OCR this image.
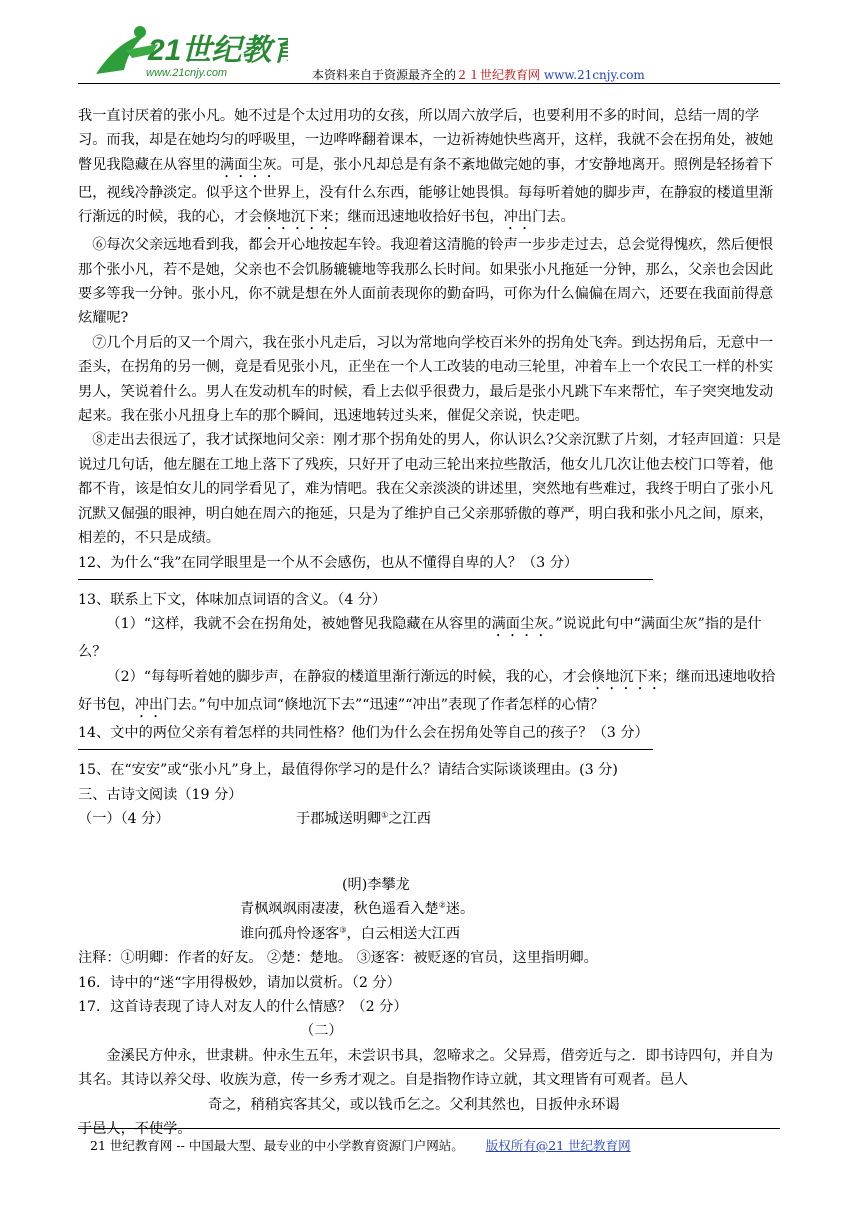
21世纪教育
www.21cnjy.com	本资料来自于资源最齐全的２１世纪教育网 www.21cnjy.com

我一直讨厌着的张小凡。她不过是个太过用功的女孩，所以周六放学后，也要利用不多的时间，总结一周的学习。而我，却是在她均匀的呼吸里，一边哗哗翻着课本，一边祈祷她快些离开，这样，我就不会在拐角处，被她瞥见我隐藏在从容里的满面尘灰。可是，张小凡却总是有条不紊地做完她的事，才安静地离开。照例是轻扬着下巴，视线冷静淡定。似乎这个世界上，没有什么东西，能够让她畏惧。每每听着她的脚步声，在静寂的楼道里渐行渐远的时候，我的心，才会倏地沉下来；继而迅速地收拾好书包，冲出门去。

⑥每次父亲远地看到我，都会开心地按起车铃。我迎着这清脆的铃声一步步走过去，总会觉得愧疚，然后便恨那个张小凡，若不是她，父亲也不会饥肠辘辘地等我那么长时间。如果张小凡拖延一分钟，那么，父亲也会因此要多等我一分钟。张小凡，你不就是想在外人面前表现你的勤奋吗，可你为什么偏偏在周六，还要在我面前得意炫耀呢?

⑦几个月后的又一个周六，我在张小凡走后，习以为常地向学校百米外的拐角处飞奔。到达拐角后，无意中一歪头，在拐角的另一侧，竟是看见张小凡，正坐在一个人工改装的电动三轮里，冲着车上一个农民工一样的朴实男人，笑说着什么。男人在发动机车的时候，看上去似乎很费力，最后是张小凡跳下车来帮忙，车子突突地发动起来。我在张小凡扭身上车的那个瞬间，迅速地转过头来，催促父亲说，快走吧。

⑧走出去很远了，我才试探地问父亲：刚才那个拐角处的男人，你认识么?父亲沉默了片刻，才轻声回道：只是说过几句话，他左腿在工地上落下了残疾，只好开了电动三轮出来拉些散活，他女儿几次让他去校门口等着，他都不肯，该是怕女儿的同学看见了，难为情吧。我在父亲淡淡的讲述里，突然地有些难过，我终于明白了张小凡沉默又倔强的眼神，明白她在周六的拖延，只是为了维护自己父亲那骄傲的尊严，明白我和张小凡之间，原来，相差的，不只是成绩。

12、为什么“我”在同学眼里是一个从不会感伤，也从不懂得自卑的人？（3 分）

13、联系上下文，体味加点词语的含义。（4 分）

（1）“这样，我就不会在拐角处，被她瞥见我隐藏在从容里的满面尘灰。”说说此句中“满面尘灰”指的是什么？

（2）“每每听着她的脚步声，在静寂的楼道里渐行渐远的时候，我的心，才会倏地沉下来；继而迅速地收拾好书包，冲出门去。”句中加点词“倏地沉下去”“迅速”“冲出”表现了作者怎样的心情？

14、文中的两位父亲有着怎样的共同性格？他们为什么会在拐角处等自己的孩子？（3 分）

15、在“安安”或“张小凡”身上，最值得你学习的是什么？请结合实际谈谈理由。(3 分)

三、古诗文阅读（19 分）

（一）（4 分）	于郡城送明卿①之江西

(明)李攀龙

青枫飒飒雨凄凄，秋色遥看入楚②迷。

谁向孤舟怜逐客③，白云相送大江西

注释：①明卿：作者的好友。 ②楚：楚地。 ③逐客：被贬逐的官员，这里指明卿。

16．诗中的“迷“字用得极妙，请加以赏析。（2 分）

17．这首诗表现了诗人对友人的什么情感？（2 分）

（二）

金溪民方仲永，世隶耕。仲永生五年，未尝识书具，忽啼求之。父异焉，借旁近与之．即书诗四句，并自为其名。其诗以养父母、收族为意，传一乡秀才观之。自是指物作诗立就，其文理皆有可观者。邑人

奇之，稍稍宾客其父，或以钱币乞之。父利其然也，日扳仲永环谒

于邑人，不使学。

21 世纪教育网 -- 中国最大型、最专业的中小学教育资源门户网站。 版权所有@21 世纪教育网
